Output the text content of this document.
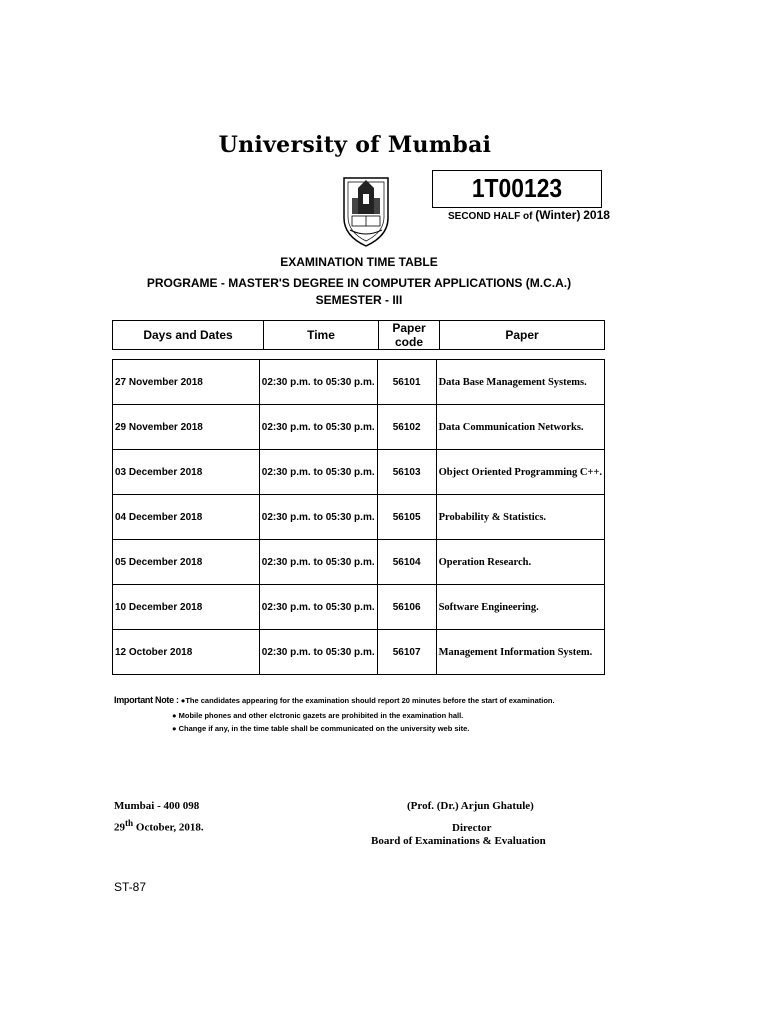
University of Mumbai
1T00123
SECOND HALF of (Winter) 2018
EXAMINATION TIME TABLE
PROGRAME - MASTER'S DEGREE IN COMPUTER APPLICATIONS (M.C.A.)
SEMESTER - III
Days and Dates	Time	Paper code	Paper
27 November 2018	02:30 p.m. to 05:30 p.m.	56101	Data Base Management Systems.
29 November 2018	02:30 p.m. to 05:30 p.m.	56102	Data Communication Networks.
03 December 2018	02:30 p.m. to 05:30 p.m.	56103	Object Oriented Programming C++.
04 December 2018	02:30 p.m. to 05:30 p.m.	56105	Probability & Statistics.
05 December 2018	02:30 p.m. to 05:30 p.m.	56104	Operation Research.
10 December 2018	02:30 p.m. to 05:30 p.m.	56106	Software Engineering.
12 October 2018	02:30 p.m. to 05:30 p.m.	56107	Management Information System.
Important Note : ●The candidates appearing for the examination should report 20 minutes before the start of examination.
● Mobile phones and other elctronic gazets are prohibited in the examination hall.
● Change if any, in the time table shall be communicated on the university web site.
Mumbai - 400 098
29th October, 2018.
(Prof. (Dr.) Arjun Ghatule)
Director
Board of Examinations & Evaluation
ST-87
